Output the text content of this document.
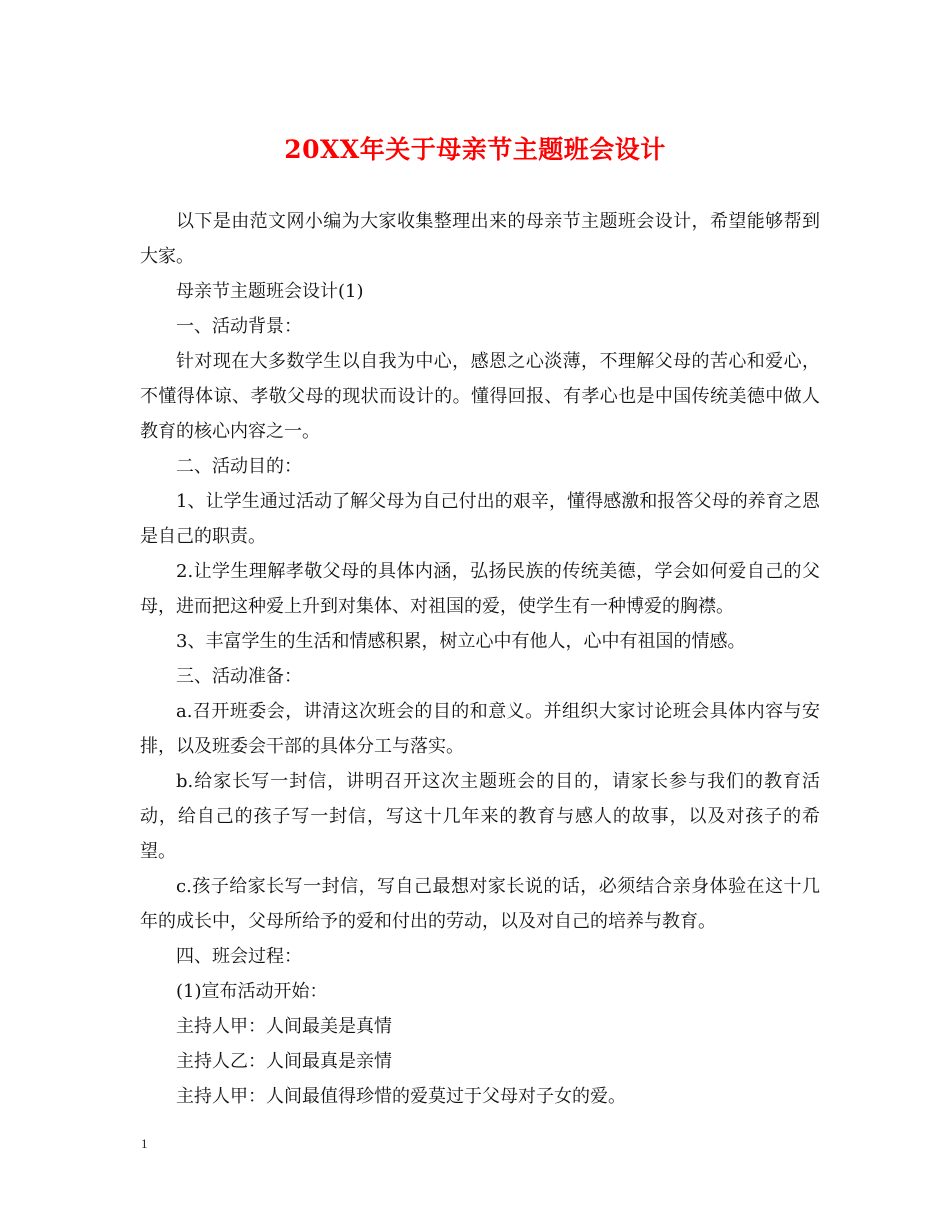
20XX年关于母亲节主题班会设计

以下是由范文网小编为大家收集整理出来的母亲节主题班会设计，希望能够帮到大家。

母亲节主题班会设计(1)

一、活动背景：

针对现在大多数学生以自我为中心，感恩之心淡薄，不理解父母的苦心和爱心，不懂得体谅、孝敬父母的现状而设计的。懂得回报、有孝心也是中国传统美德中做人教育的核心内容之一。

二、活动目的：

1、让学生通过活动了解父母为自己付出的艰辛，懂得感激和报答父母的养育之恩是自己的职责。

2.让学生理解孝敬父母的具体内涵，弘扬民族的传统美德，学会如何爱自己的父母，进而把这种爱上升到对集体、对祖国的爱，使学生有一种博爱的胸襟。

3、丰富学生的生活和情感积累，树立心中有他人，心中有祖国的情感。

三、活动准备：

a.召开班委会，讲清这次班会的目的和意义。并组织大家讨论班会具体内容与安排，以及班委会干部的具体分工与落实。

b.给家长写一封信，讲明召开这次主题班会的目的，请家长参与我们的教育活动，给自己的孩子写一封信，写这十几年来的教育与感人的故事，以及对孩子的希望。

c.孩子给家长写一封信，写自己最想对家长说的话，必须结合亲身体验在这十几年的成长中，父母所给予的爱和付出的劳动，以及对自己的培养与教育。

四、班会过程：

(1)宣布活动开始：

主持人甲：人间最美是真情

主持人乙：人间最真是亲情

主持人甲：人间最值得珍惜的爱莫过于父母对子女的爱。

1
